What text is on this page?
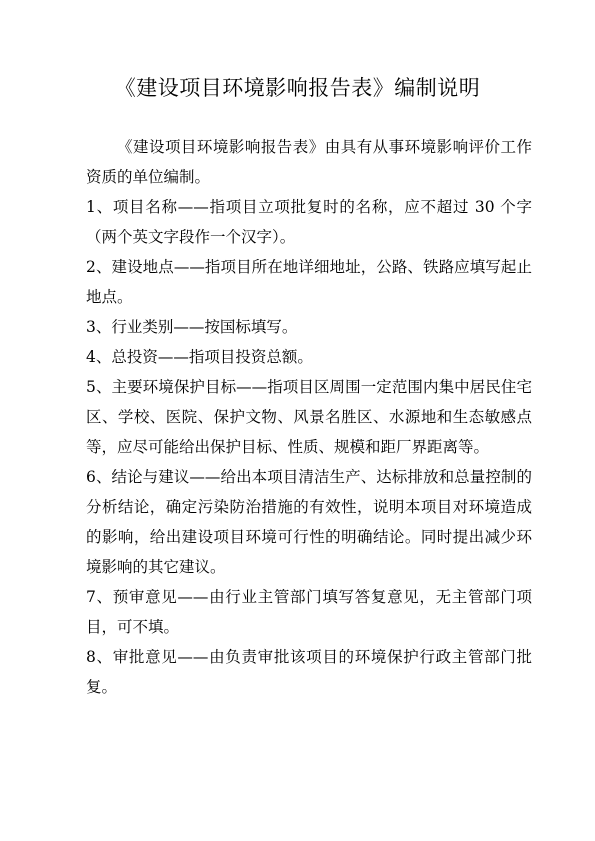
《建设项目环境影响报告表》编制说明

《建设项目环境影响报告表》由具有从事环境影响评价工作资质的单位编制。

1、项目名称——指项目立项批复时的名称，应不超过 30 个字（两个英文字段作一个汉字）。

2、建设地点——指项目所在地详细地址，公路、铁路应填写起止地点。

3、行业类别——按国标填写。

4、总投资——指项目投资总额。

5、主要环境保护目标——指项目区周围一定范围内集中居民住宅区、学校、医院、保护文物、风景名胜区、水源地和生态敏感点等，应尽可能给出保护目标、性质、规模和距厂界距离等。

6、结论与建议——给出本项目清洁生产、达标排放和总量控制的分析结论，确定污染防治措施的有效性，说明本项目对环境造成的影响，给出建设项目环境可行性的明确结论。同时提出减少环境影响的其它建议。

7、预审意见——由行业主管部门填写答复意见，无主管部门项目，可不填。

8、审批意见——由负责审批该项目的环境保护行政主管部门批复。
